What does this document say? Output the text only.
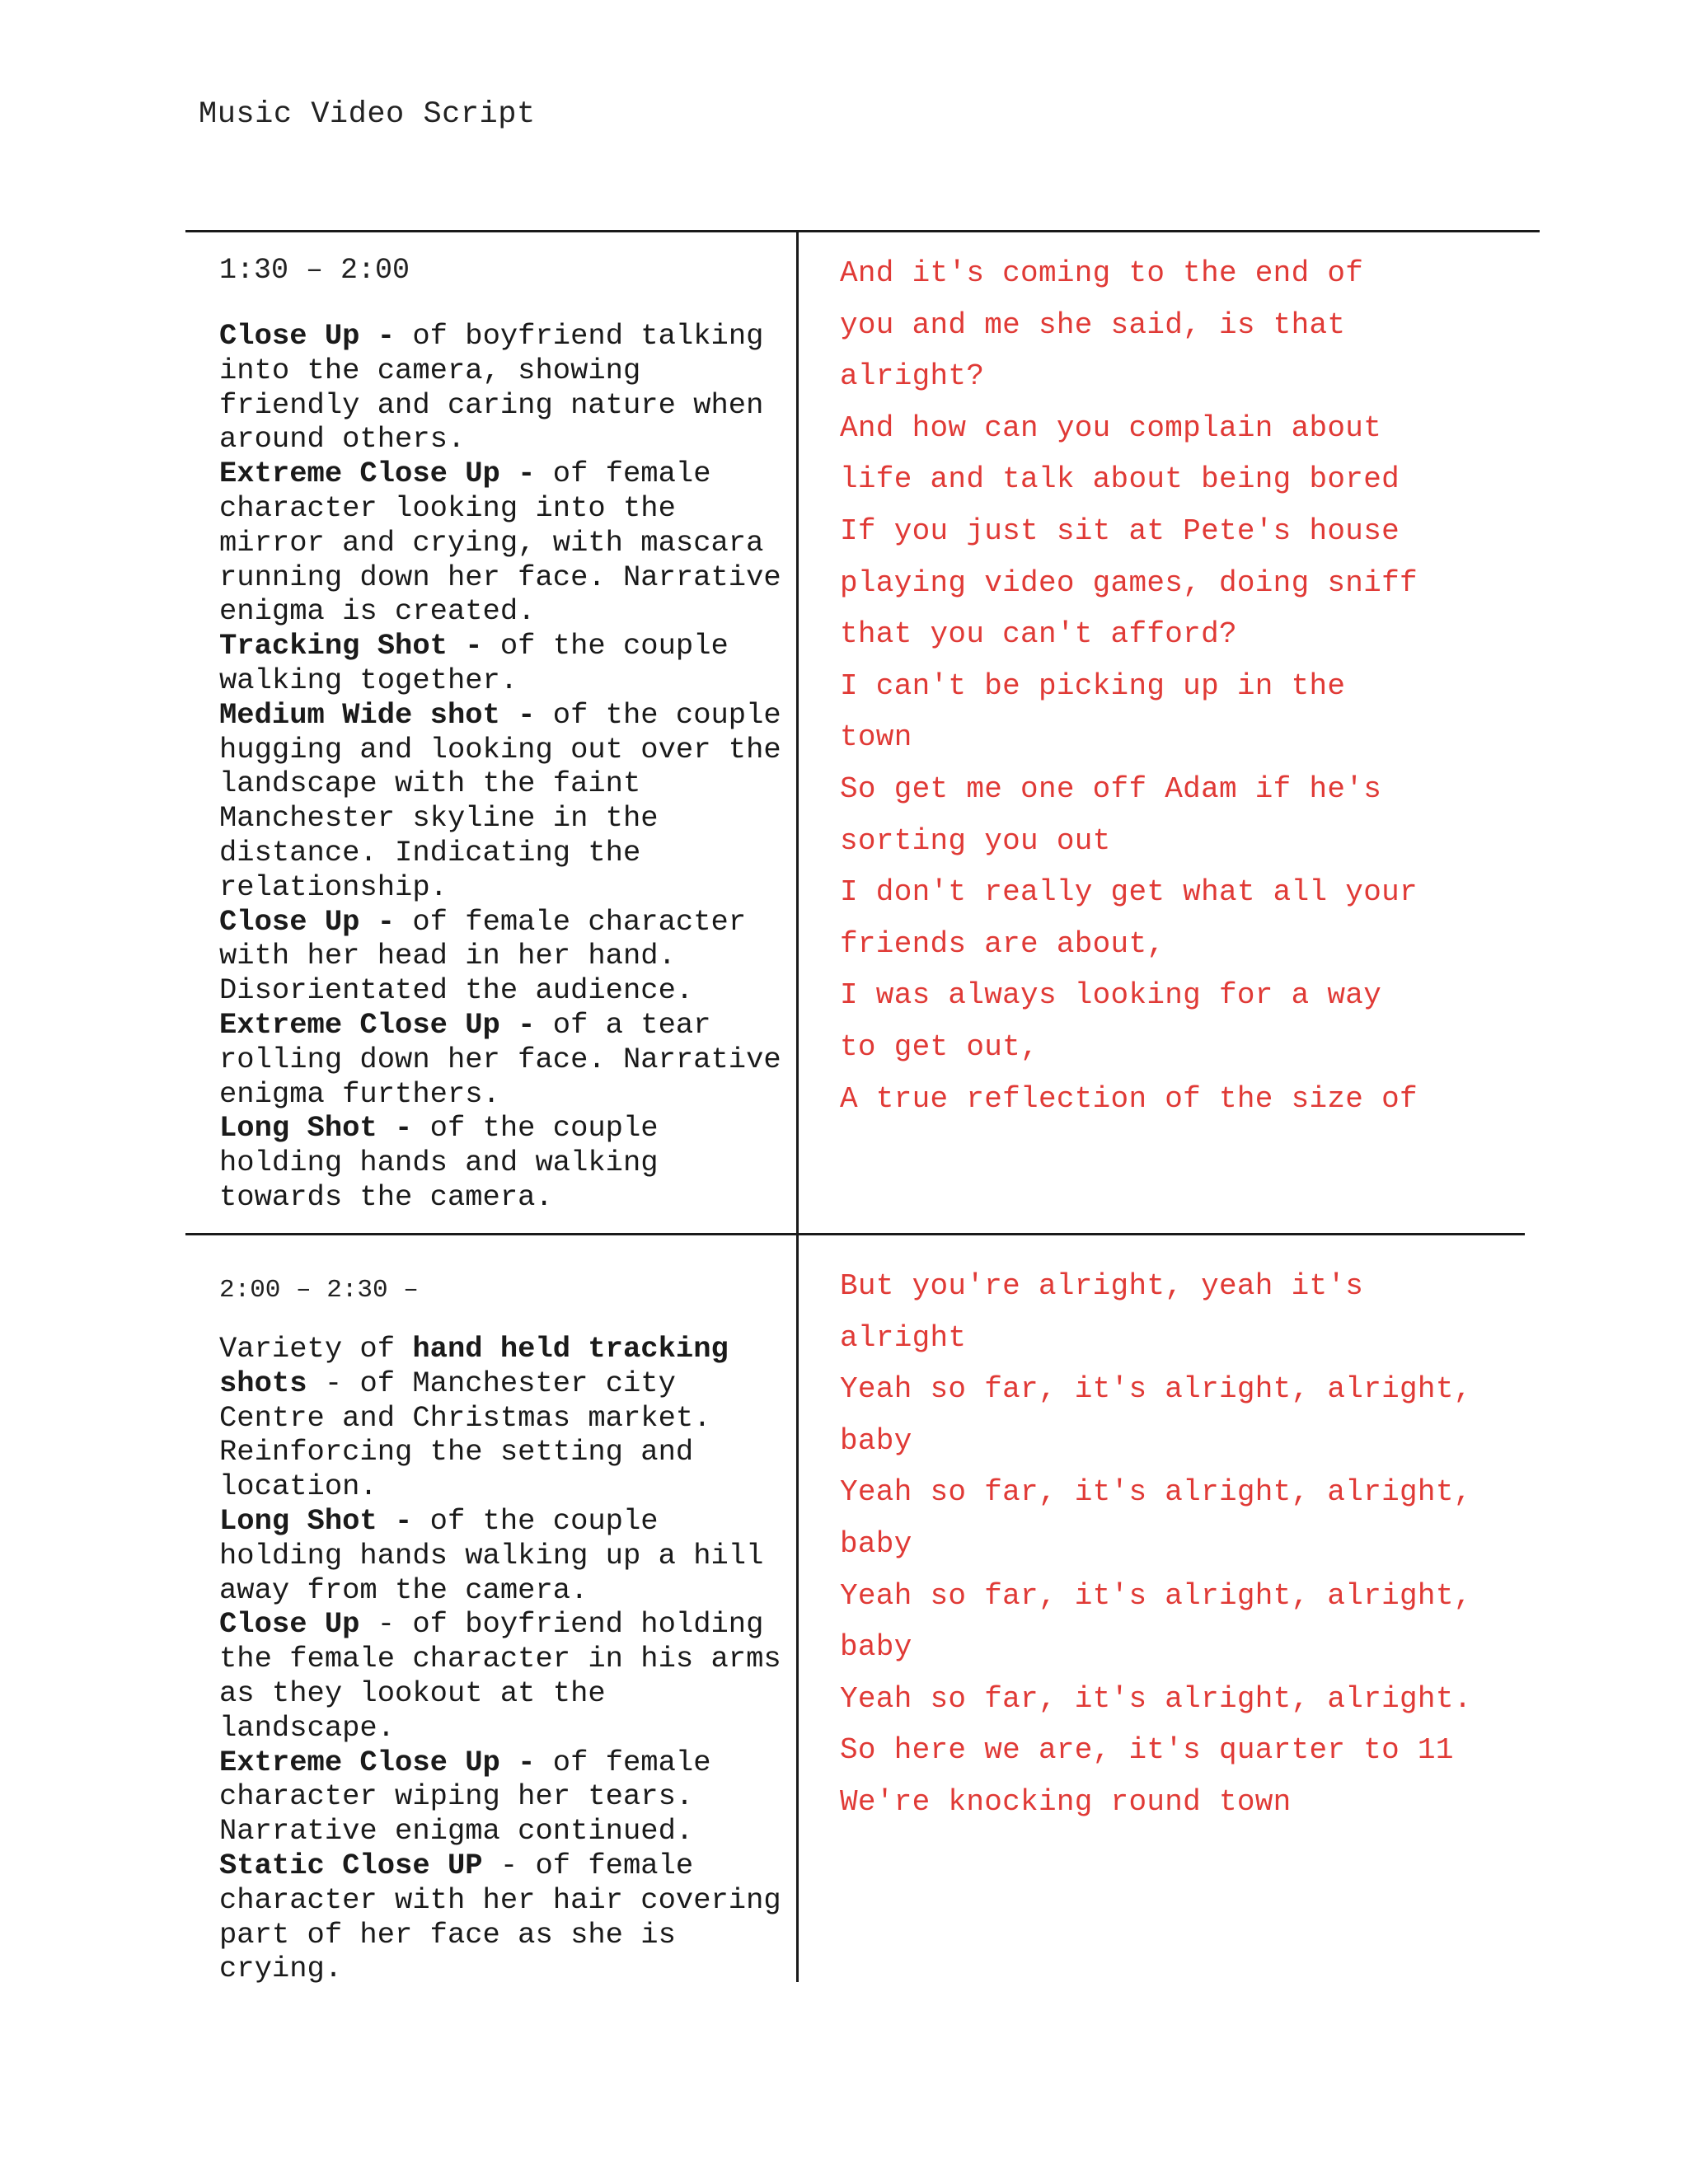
Music Video Script
1:30 – 2:00
Close Up - of boyfriend talking into the camera, showing friendly and caring nature when around others.
Extreme Close Up - of female character looking into the mirror and crying, with mascara running down her face. Narrative enigma is created.
Tracking Shot - of the couple walking together.
Medium Wide shot - of the couple hugging and looking out over the landscape with the faint Manchester skyline in the distance. Indicating the relationship.
Close Up - of female character with her head in her hand. Disorientated the audience.
Extreme Close Up - of a tear rolling down her face. Narrative enigma furthers.
Long Shot - of the couple holding hands and walking towards the camera.
And it's coming to the end of
you and me she said, is that
alright?
And how can you complain about
life and talk about being bored
If you just sit at Pete's house
playing video games, doing sniff
that you can't afford?
I can't be picking up in the
town
So get me one off Adam if he's
sorting you out
I don't really get what all your
friends are about,
I was always looking for a way
to get out,
A true reflection of the size of
2:00 – 2:30 –
Variety of hand held tracking shots - of Manchester city Centre and Christmas market. Reinforcing the setting and location.
Long Shot - of the couple holding hands walking up a hill away from the camera.
Close Up - of boyfriend holding the female character in his arms as they lookout at the landscape.
Extreme Close Up - of female character wiping her tears. Narrative enigma continued.
Static Close UP - of female character with her hair covering part of her face as she is crying.
But you're alright, yeah it's
alright
Yeah so far, it's alright, alright,
baby
Yeah so far, it's alright, alright,
baby
Yeah so far, it's alright, alright,
baby
Yeah so far, it's alright, alright.
So here we are, it's quarter to 11
We're knocking round town
